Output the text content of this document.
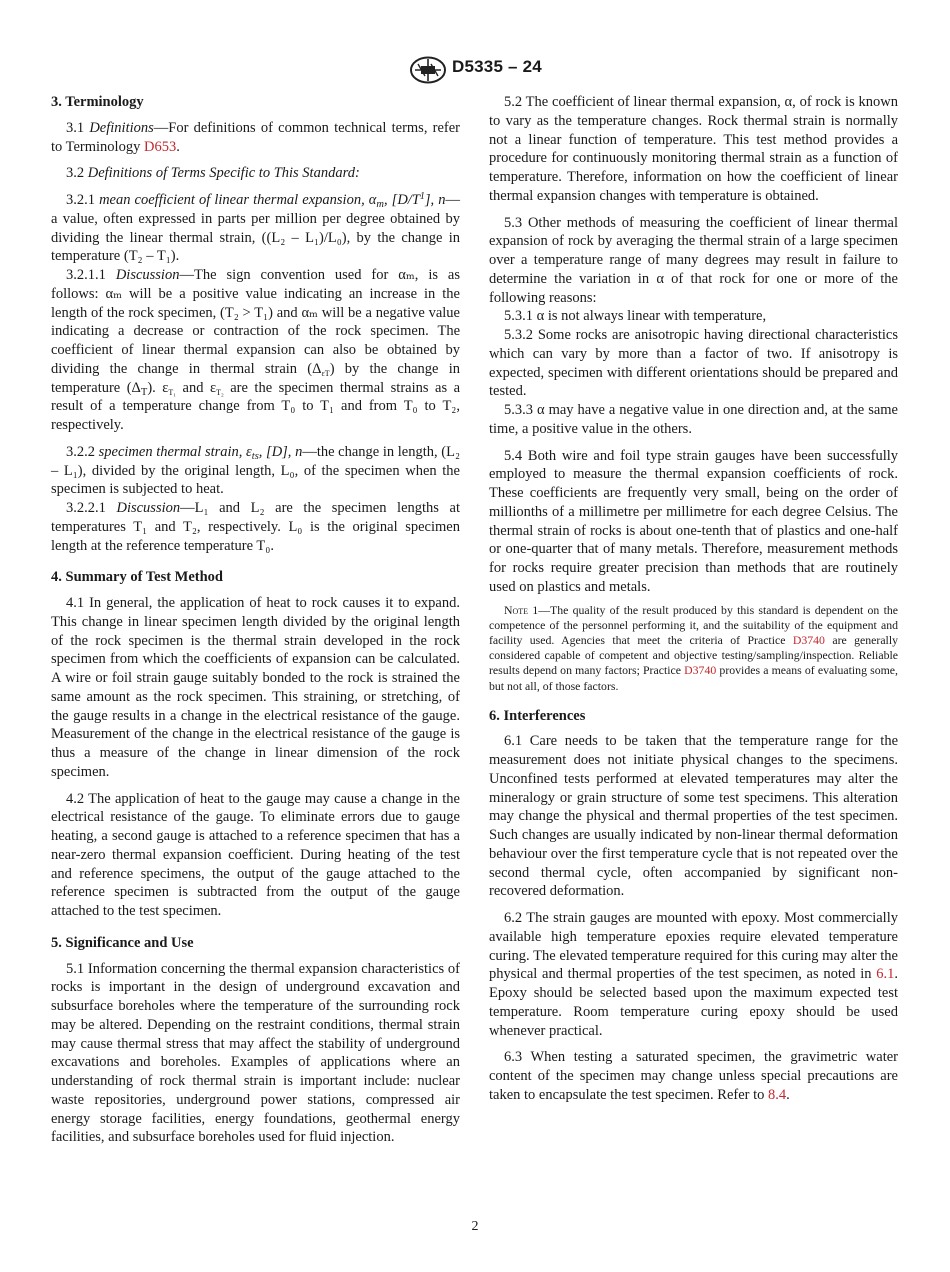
D5335 – 24
3. Terminology

3.1 Definitions—For definitions of common technical terms, refer to Terminology D653.

3.2 Definitions of Terms Specific to This Standard:

3.2.1 mean coefficient of linear thermal expansion, $\alpha_m$, $[D/T^1]$, n—a value, often expressed in parts per million per degree obtained by dividing the linear thermal strain, ((L₂ – L₁)/L₀), by the change in temperature (T₂ – T₁).

3.2.1.1 Discussion—The sign convention used for αₘ, is as follows: αₘ will be a positive value indicating an increase in the length of the rock specimen, (T₂ > T₁) and αₘ will be a negative value indicating a decrease or contraction of the rock specimen. The coefficient of linear thermal expansion can also be obtained by dividing the change in thermal strain $(\Delta_{\varepsilon T})$ by the change in temperature $(\Delta_T)$. $\varepsilon_{T_1}$ and $\varepsilon_{T_2}$ are the specimen thermal strains as a result of a temperature change from T₀ to T₁ and from T₀ to T₂, respectively.

3.2.2 specimen thermal strain, $\varepsilon_{ts}$, [D], n—the change in length, (L₂ – L₁), divided by the original length, L₀, of the specimen when the specimen is subjected to heat.

3.2.2.1 Discussion—L₁ and L₂ are the specimen lengths at temperatures T₁ and T₂, respectively. L₀ is the original specimen length at the reference temperature T₀.

4. Summary of Test Method

4.1 In general, the application of heat to rock causes it to expand. This change in linear specimen length divided by the original length of the rock specimen is the thermal strain developed in the rock specimen from which the coefficients of expansion can be calculated. A wire or foil strain gauge suitably bonded to the rock is strained the same amount as the rock specimen. This straining, or stretching, of the gauge results in a change in the electrical resistance of the gauge. Measurement of the change in the electrical resistance of the gauge is thus a measure of the change in linear dimension of the rock specimen.

4.2 The application of heat to the gauge may cause a change in the electrical resistance of the gauge. To eliminate errors due to gauge heating, a second gauge is attached to a reference specimen that has a near-zero thermal expansion coefficient. During heating of the test and reference specimens, the output of the gauge attached to the reference specimen is subtracted from the output of the gauge attached to the test specimen.

5. Significance and Use

5.1 Information concerning the thermal expansion characteristics of rocks is important in the design of underground excavation and subsurface boreholes where the temperature of the surrounding rock may be altered. Depending on the restraint conditions, thermal strain may cause thermal stress that may affect the stability of underground excavations and boreholes. Examples of applications where an understanding of rock thermal strain is important include: nuclear waste repositories, underground power stations, compressed air energy storage facilities, energy foundations, geothermal energy facilities, and subsurface boreholes used for fluid injection.

5.2 The coefficient of linear thermal expansion, α, of rock is known to vary as the temperature changes. Rock thermal strain is normally not a linear function of temperature. This test method provides a procedure for continuously monitoring thermal strain as a function of temperature. Therefore, information on how the coefficient of linear thermal expansion changes with temperature is obtained.

5.3 Other methods of measuring the coefficient of linear thermal expansion of rock by averaging the thermal strain of a large specimen over a temperature range of many degrees may result in failure to determine the variation in α of that rock for one or more of the following reasons:

5.3.1 α is not always linear with temperature,

5.3.2 Some rocks are anisotropic having directional characteristics which can vary by more than a factor of two. If anisotropy is expected, specimen with different orientations should be prepared and tested.

5.3.3 α may have a negative value in one direction and, at the same time, a positive value in the others.

5.4 Both wire and foil type strain gauges have been successfully employed to measure the thermal expansion coefficients of rock. These coefficients are frequently very small, being on the order of millionths of a millimetre per millimetre for each degree Celsius. The thermal strain of rocks is about one-tenth that of plastics and one-half or one-quarter that of many metals. Therefore, measurement methods for rocks require greater precision than methods that are routinely used on plastics and metals.

Note 1—The quality of the result produced by this standard is dependent on the competence of the personnel performing it, and the suitability of the equipment and facility used. Agencies that meet the criteria of Practice D3740 are generally considered capable of competent and objective testing/sampling/inspection. Reliable results depend on many factors; Practice D3740 provides a means of evaluating some, but not all, of those factors.
6. Interferences

6.1 Care needs to be taken that the temperature range for the measurement does not initiate physical changes to the specimens. Unconfined tests performed at elevated temperatures may alter the mineralogy or grain structure of some test specimens. This alteration may change the physical and thermal properties of the test specimen. Such changes are usually indicated by non-linear thermal deformation behaviour over the first temperature cycle that is not repeated over the second thermal cycle, often accompanied by significant non-recovered deformation.

6.2 The strain gauges are mounted with epoxy. Most commercially available high temperature epoxies require elevated temperature curing. The elevated temperature required for this curing may alter the physical and thermal properties of the test specimen, as noted in 6.1. Epoxy should be selected based upon the maximum expected test temperature. Room temperature curing epoxy should be used whenever practical.

6.3 When testing a saturated specimen, the gravimetric water content of the specimen may change unless special precautions are taken to encapsulate the test specimen. Refer to 8.4.

2
